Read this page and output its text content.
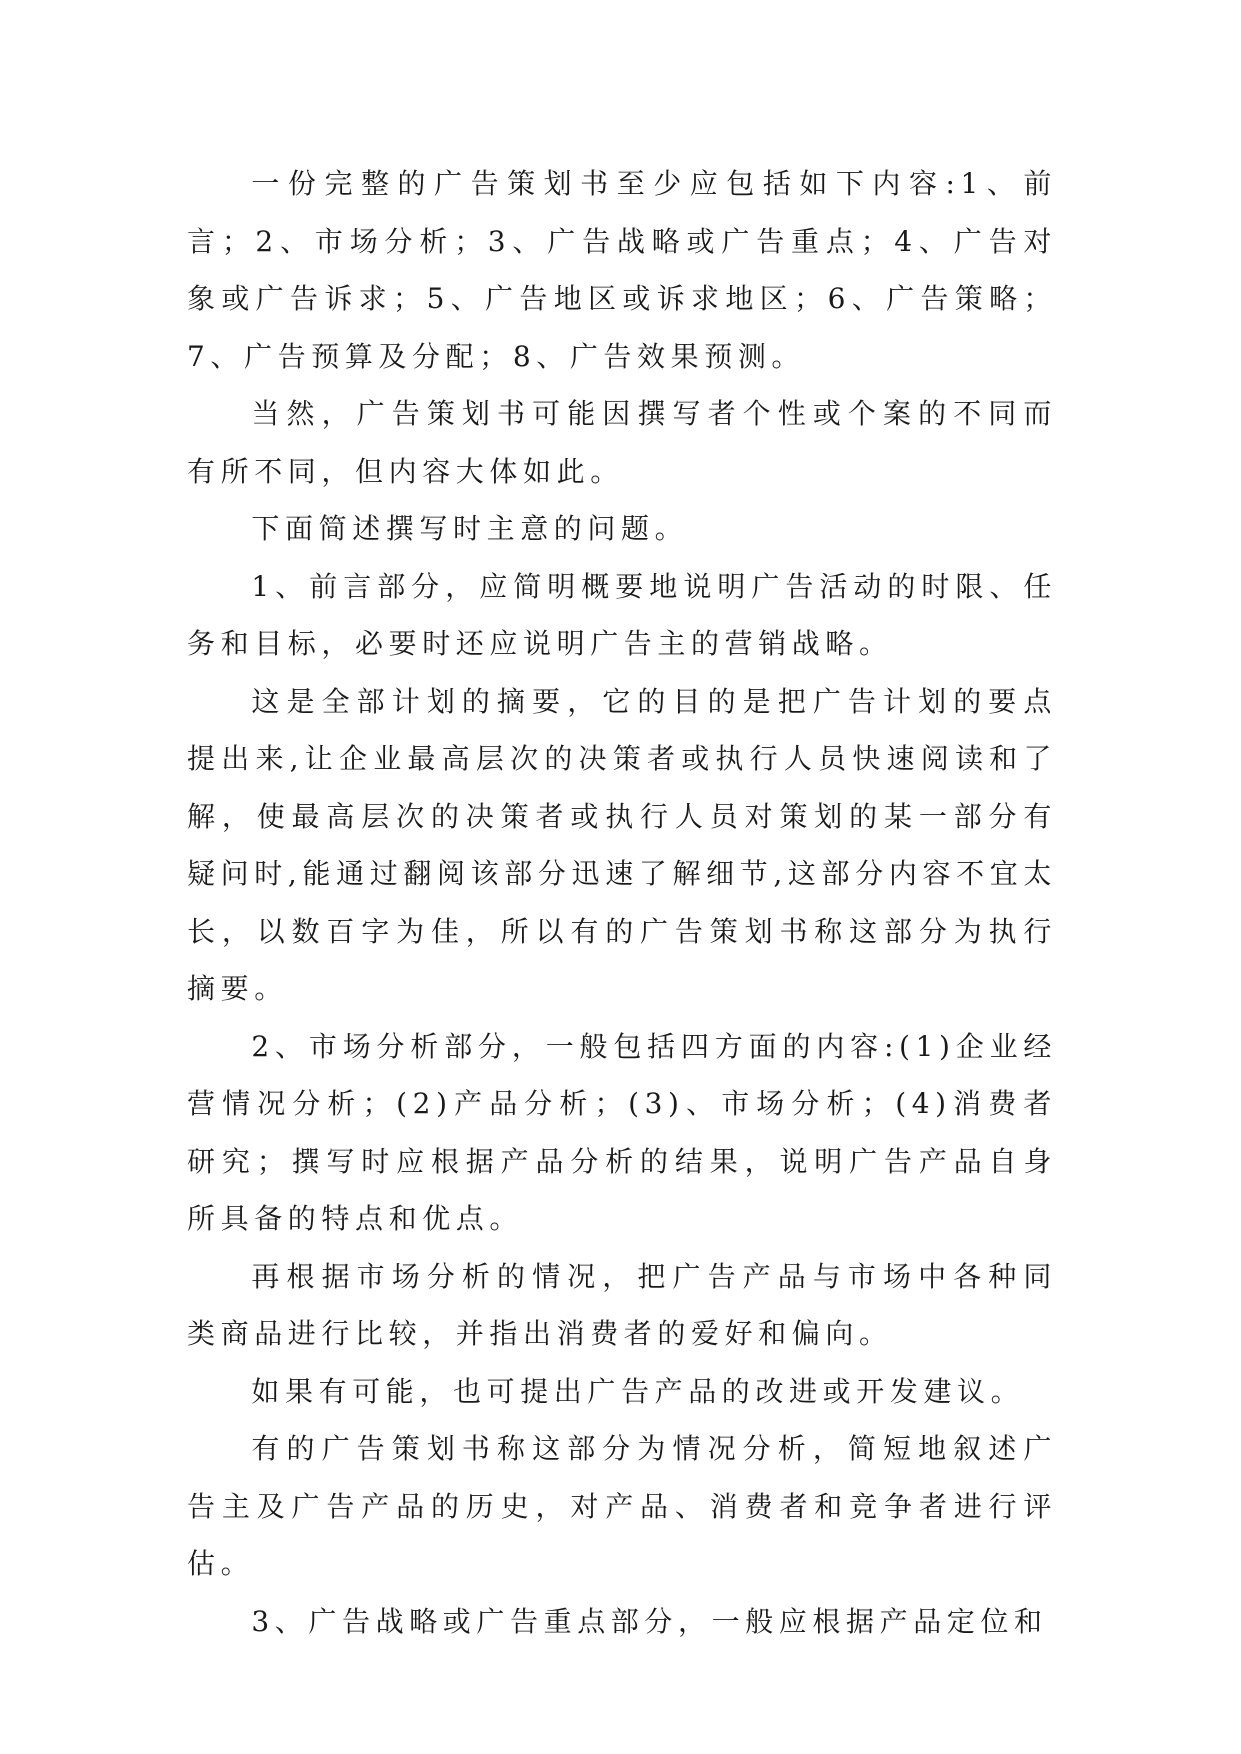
一份完整的广告策划书至少应包括如下内容:1、前言；2、市场分析；3、广告战略或广告重点；4、广告对象或广告诉求；5、广告地区或诉求地区；6、广告策略；7、广告预算及分配；8、广告效果预测。

当然，广告策划书可能因撰写者个性或个案的不同而有所不同，但内容大体如此。

下面简述撰写时主意的问题。

1、前言部分，应简明概要地说明广告活动的时限、任务和目标，必要时还应说明广告主的营销战略。

这是全部计划的摘要，它的目的是把广告计划的要点提出来,让企业最高层次的决策者或执行人员快速阅读和了解，使最高层次的决策者或执行人员对策划的某一部分有疑问时,能通过翻阅该部分迅速了解细节,这部分内容不宜太长，以数百字为佳，所以有的广告策划书称这部分为执行摘要。

2、市场分析部分，一般包括四方面的内容:(1)企业经营情况分析；(2)产品分析；(3)、市场分析；(4)消费者研究；撰写时应根据产品分析的结果，说明广告产品自身所具备的特点和优点。

再根据市场分析的情况，把广告产品与市场中各种同类商品进行比较，并指出消费者的爱好和偏向。

如果有可能，也可提出广告产品的改进或开发建议。

有的广告策划书称这部分为情况分析，简短地叙述广告主及广告产品的历史，对产品、消费者和竞争者进行评估。

3、广告战略或广告重点部分，一般应根据产品定位和
